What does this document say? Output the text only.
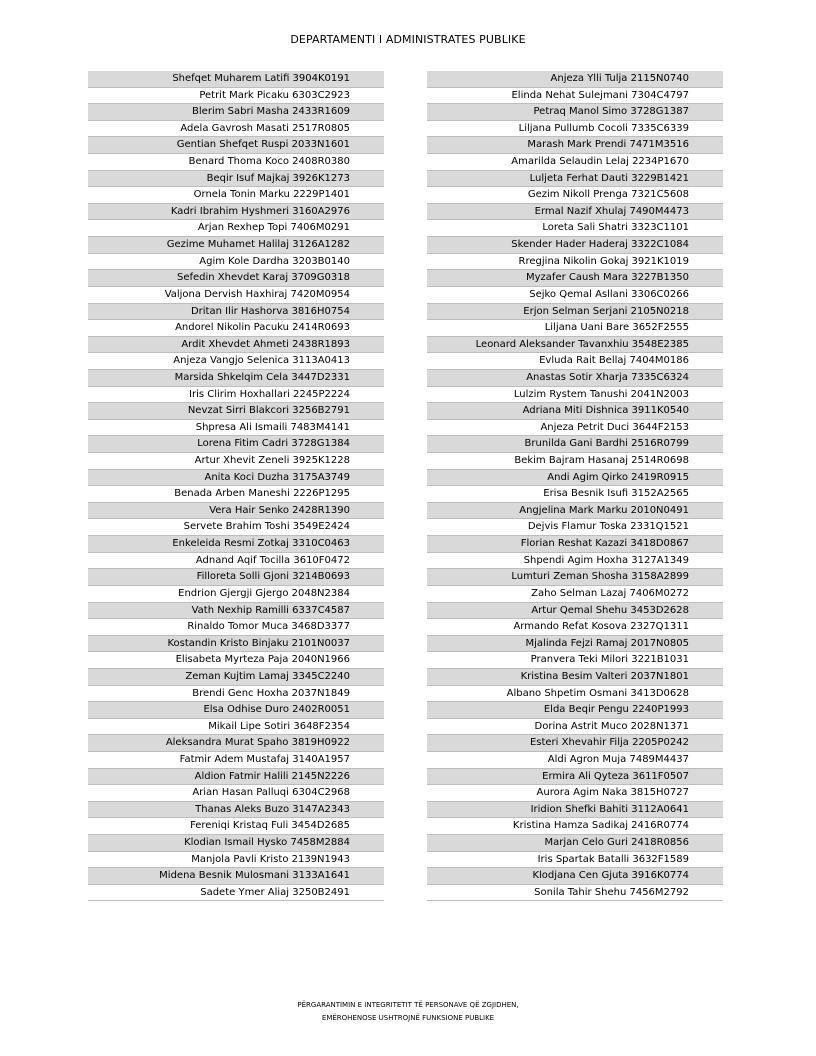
DEPARTAMENTI I ADMINISTRATES PUBLIKE
Shefqet Muharem Latifi 3904K0191
Petrit Mark Picaku 6303C2923
Blerim Sabri Masha 2433R1609
Adela Gavrosh Masati 2517R0805
Gentian Shefqet Ruspi 2033N1601
Benard Thoma Koco 2408R0380
Beqir Isuf Majkaj 3926K1273
Ornela Tonin Marku 2229P1401
Kadri Ibrahim Hyshmeri 3160A2976
Arjan Rexhep Topi 7406M0291
Gezime Muhamet Halilaj 3126A1282
Agim Kole Dardha 3203B0140
Sefedin Xhevdet Karaj 3709G0318
Valjona Dervish Haxhiraj 7420M0954
Dritan Ilir Hashorva 3816H0754
Andorel Nikolin Pacuku 2414R0693
Ardit Xhevdet Ahmeti 2438R1893
Anjeza Vangjo Selenica 3113A0413
Marsida Shkelqim Cela 3447D2331
Iris Clirim Hoxhallari 2245P2224
Nevzat Sirri Blakcori 3256B2791
Shpresa Ali Ismaili 7483M4141
Lorena Fitim Cadri 3728G1384
Artur Xhevit Zeneli 3925K1228
Anita Koci Duzha 3175A3749
Benada Arben Maneshi 2226P1295
Vera Hair Senko 2428R1390
Servete Brahim Toshi 3549E2424
Enkeleida Resmi Zotkaj 3310C0463
Adnand Aqif Tocilla 3610F0472
Filloreta Solli Gjoni 3214B0693
Endrion Gjergji Gjergo 2048N2384
Vath Nexhip Ramilli 6337C4587
Rinaldo Tomor Muca 3468D3377
Kostandin Kristo Binjaku 2101N0037
Elisabeta Myrteza Paja 2040N1966
Zeman Kujtim Lamaj 3345C2240
Brendi Genc Hoxha 2037N1849
Elsa Odhise Duro 2402R0051
Mikail Lipe Sotiri 3648F2354
Aleksandra Murat Spaho 3819H0922
Fatmir Adem Mustafaj 3140A1957
Aldion Fatmir Halili 2145N2226
Arian Hasan Palluqi 6304C2968
Thanas Aleks Buzo 3147A2343
Fereniqi Kristaq Fuli 3454D2685
Klodian Ismail Hysko 7458M2884
Manjola Pavli Kristo 2139N1943
Midena Besnik Mulosmani 3133A1641
Sadete Ymer Aliaj 3250B2491
Anjeza Ylli Tulja 2115N0740
Elinda Nehat Sulejmani 7304C4797
Petraq Manol Simo 3728G1387
Liljana Pullumb Cocoli 7335C6339
Marash Mark Prendi 7471M3516
Amarilda Selaudin Lelaj 2234P1670
Luljeta Ferhat Dauti 3229B1421
Gezim Nikoll Prenga 7321C5608
Ermal Nazif Xhulaj 7490M4473
Loreta Sali Shatri 3323C1101
Skender Hader Haderaj 3322C1084
Rregjina Nikolin Gokaj 3921K1019
Myzafer Caush Mara 3227B1350
Sejko Qemal Asllani 3306C0266
Erjon Selman Serjani 2105N0218
Liljana Uani Bare 3652F2555
Leonard Aleksander Tavanxhiu 3548E2385
Evluda Rait Bellaj 7404M0186
Anastas Sotir Xharja 7335C6324
Lulzim Rystem Tanushi 2041N2003
Adriana Miti Dishnica 3911K0540
Anjeza Petrit Duci 3644F2153
Brunilda Gani Bardhi 2516R0799
Bekim Bajram Hasanaj 2514R0698
Andi Agim Qirko 2419R0915
Erisa Besnik Isufi 3152A2565
Angjelina Mark Marku 2010N0491
Dejvis Flamur Toska 2331Q1521
Florian Reshat Kazazi 3418D0867
Shpendi Agim Hoxha 3127A1349
Lumturi Zeman Shosha 3158A2899
Zaho Selman Lazaj 7406M0272
Artur Qemal Shehu 3453D2628
Armando Refat Kosova 2327Q1311
Mjalinda Fejzi Ramaj 2017N0805
Pranvera Teki Milori 3221B1031
Kristina Besim Valteri 2037N1801
Albano Shpetim Osmani 3413D0628
Elda Beqir Pengu 2240P1993
Dorina Astrit Muco 2028N1371
Esteri Xhevahir Filja 2205P0242
Aldi Agron Muja 7489M4437
Ermira Ali Qyteza 3611F0507
Aurora Agim Naka 3815H0727
Iridion Shefki Bahiti 3112A0641
Kristina Hamza Sadikaj 2416R0774
Marjan Celo Guri 2418R0856
Iris Spartak Batalli 3632F1589
Klodjana Cen Gjuta 3916K0774
Sonila Tahir Shehu 7456M2792
PËRGARANTIMIN E INTEGRITETIT TË PERSONAVE QË ZGJIDHEN,
EMËROHENOSE USHTROJNË FUNKSIONE PUBLIKE
